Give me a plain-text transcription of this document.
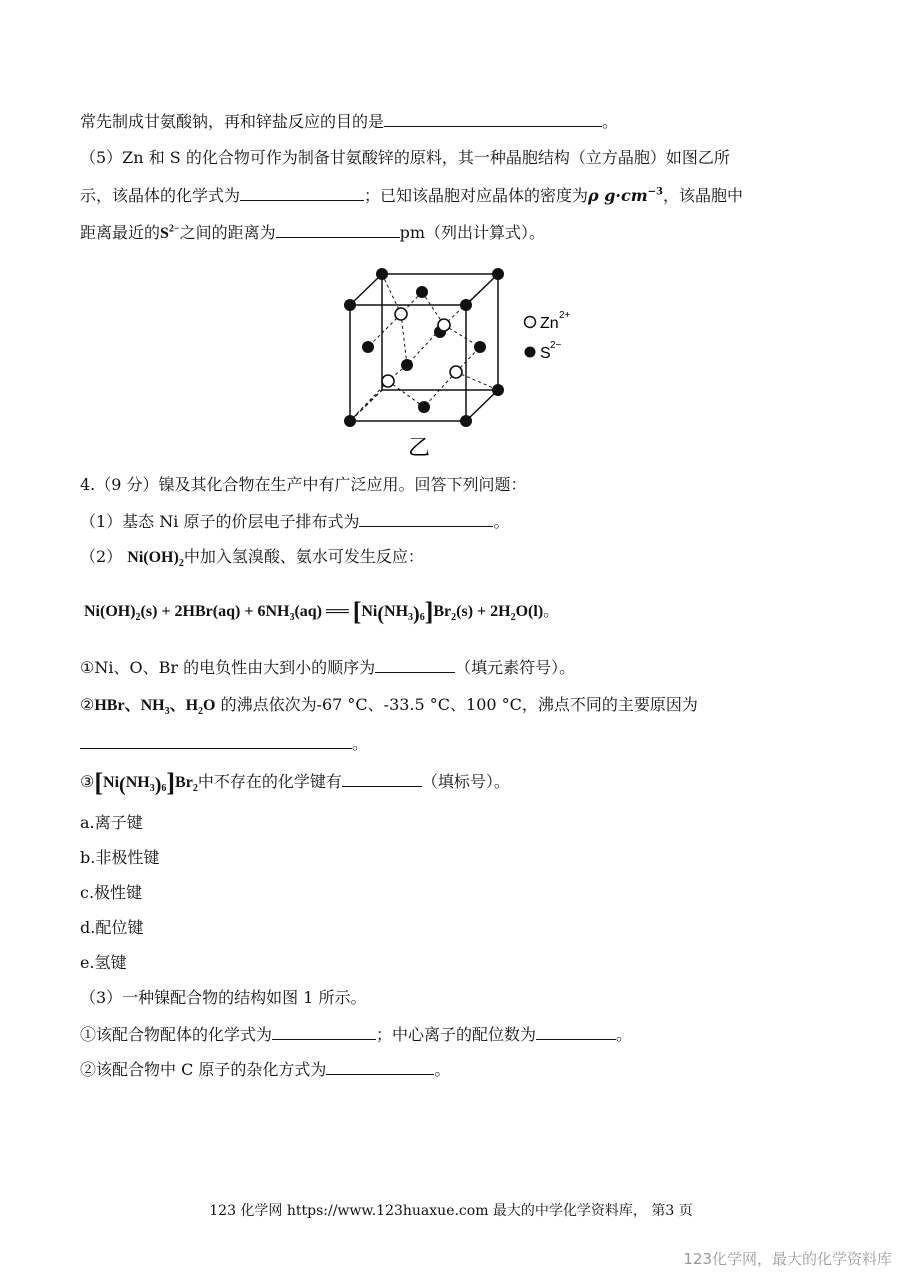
常先制成甘氨酸钠，再和锌盐反应的目的是	。
（5）Zn 和 S 的化合物可作为制备甘氨酸锌的原料，其一种晶胞结构（立方晶胞）如图乙所
示，该晶体的化学式为	；已知该晶胞对应晶体的密度为ρ $g\cdot cm^{-3}$，该晶胞中
距离最近的$S^{2-}$之间的距离为	pm（列出计算式）。
Zn 2+
S 2−
乙
4.（9 分）镍及其化合物在生产中有广泛应用。回答下列问题：
（1）基态 Ni 原子的价层电子排布式为	。
（2） $Ni(OH)_2$中加入氢溴酸、氨水可发生反应：
$Ni(OH)_2(s) + 2HBr(aq) + 6NH_3(aq)$ ══ $[Ni(NH_3)_6]Br_2(s) + 2H_2O(l)$。
①Ni、O、Br 的电负性由大到小的顺序为	（填元素符号）。
②HBr、$NH_3$、$H_2O$ 的沸点依次为-67 °C、-33.5 °C、100 °C，沸点不同的主要原因为
。
$③[Ni(NH_3)_6]Br_2$中不存在的化学键有	（填标号）。
a.离子键
b.非极性键
c.极性键
d.配位键
e.氢键
（3）一种镍配合物的结构如图 1 所示。
①该配合物配体的化学式为	；中心离子的配位数为	。
②该配合物中 C 原子的杂化方式为	。
123 化学网 https://www.123huaxue.com 最大的中学化学资料库， 第3 页
123化学网，最大的化学资料库
